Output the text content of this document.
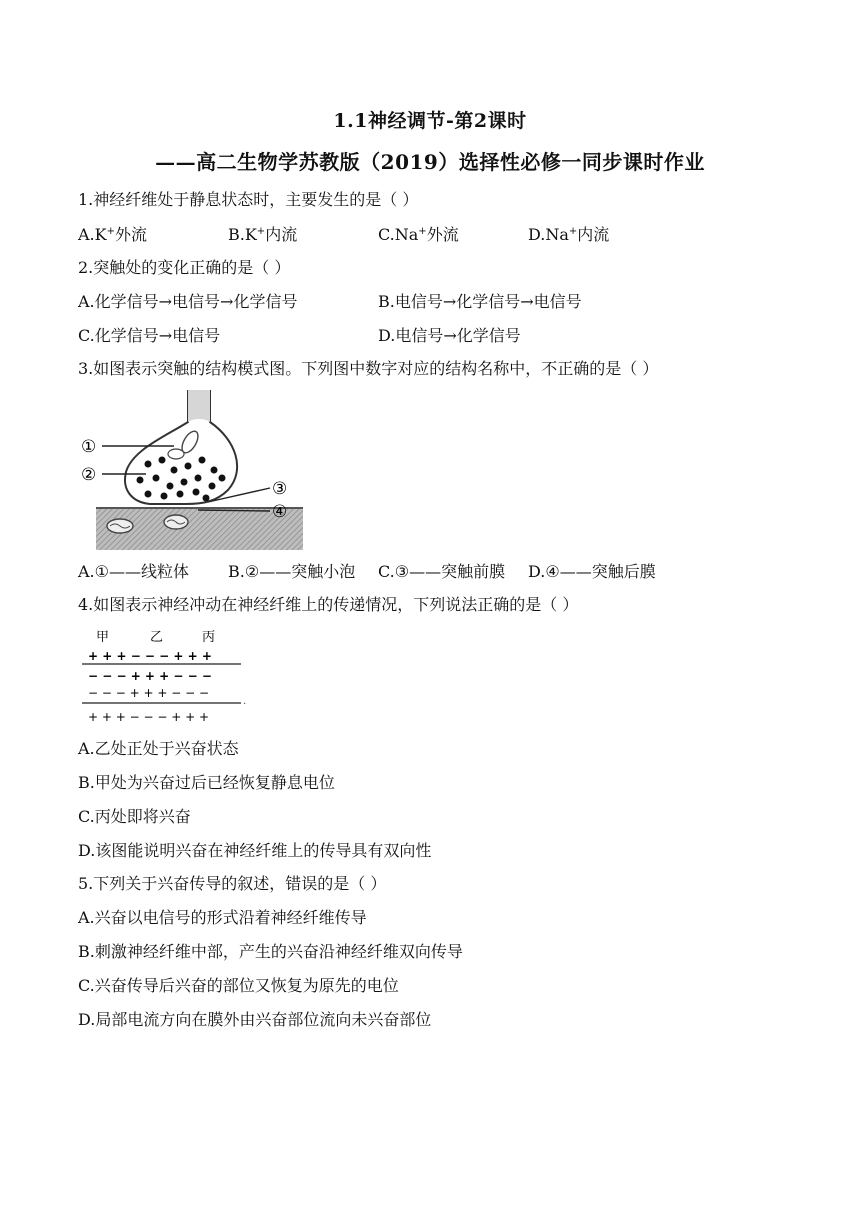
1.1神经调节-第2课时
——高二生物学苏教版（2019）选择性必修一同步课时作业
1.神经纤维处于静息状态时，主要发生的是（ ）
A.K+外流	B.K+内流	C.Na+外流	D.Na+内流
2.突触处的变化正确的是（ ）
A.化学信号→电信号→化学信号	B.电信号→化学信号→电信号
C.化学信号→电信号	D.电信号→化学信号
3.如图表示突触的结构模式图。下列图中数字对应的结构名称中，不正确的是（ ）
①
②
③
④
A.①——线粒体 B.②——突触小泡 C.③——突触前膜 D.④——突触后膜
4.如图表示神经冲动在神经纤维上的传递情况，下列说法正确的是（ ）
甲	乙	丙
+ + + − − − + + +
− − − + + + − − −
− − − + + + − − −
.
+ + + − − − + + +
A.乙处正处于兴奋状态
B.甲处为兴奋过后已经恢复静息电位
C.丙处即将兴奋
D.该图能说明兴奋在神经纤维上的传导具有双向性
5.下列关于兴奋传导的叙述，错误的是（ ）
A.兴奋以电信号的形式沿着神经纤维传导
B.刺激神经纤维中部，产生的兴奋沿神经纤维双向传导
C.兴奋传导后兴奋的部位又恢复为原先的电位
D.局部电流方向在膜外由兴奋部位流向未兴奋部位
